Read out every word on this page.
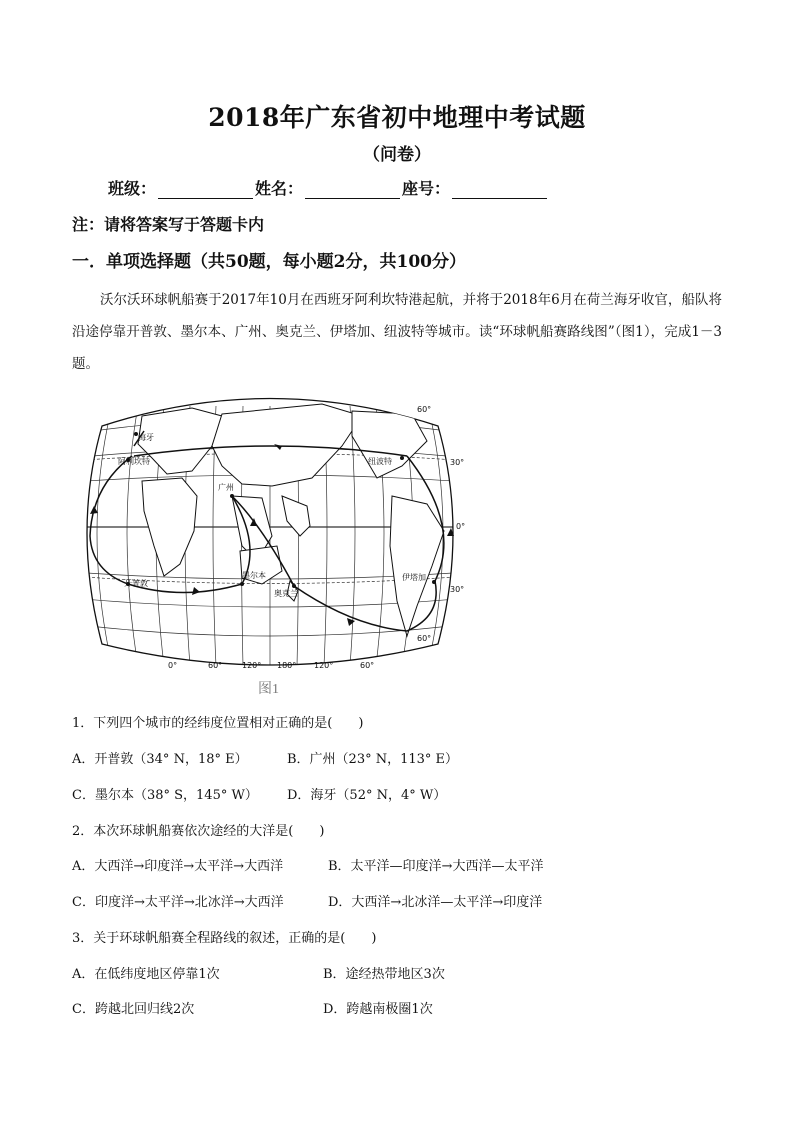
2018年广东省初中地理中考试题
（问卷）
班级：	姓名：	座号：
注：请将答案写于答题卡内
一．单项选择题（共50题，每小题2分，共100分）
沃尔沃环球帆船赛于2017年10月在西班牙阿利坎特港起航，并将于2018年6月在荷兰海牙收官，船队将沿途停靠开普敦、墨尔本、广州、奥克兰、伊塔加、纽波特等城市。读“环球帆船赛路线图”（图1），完成1－3题。
海牙
阿利坎特	纽波特
广州
开普敦
墨尔本
奥克兰
伊塔加
60°
30°
0°
30°
60°
0°	60° 120° 180° 120°	60°
图1
1．下列四个城市的经纬度位置相对正确的是(　　)
A．开普敦（34° N，18° E）	B．广州（23° N，113° E）
C．墨尔本（38° S，145° W） D．海牙（52° N，4° W）
2．本次环球帆船赛依次途经的大洋是(　　)
A．大西洋→印度洋→太平洋→大西洋	B．太平洋—印度洋→大西洋—太平洋
C．印度洋→太平洋→北冰洋→大西洋	D．大西洋→北冰洋—太平洋→印度洋
3．关于环球帆船赛全程路线的叙述，正确的是(　　)
A．在低纬度地区停靠1次	B．途经热带地区3次
C．跨越北回归线2次	D．跨越南极圈1次
